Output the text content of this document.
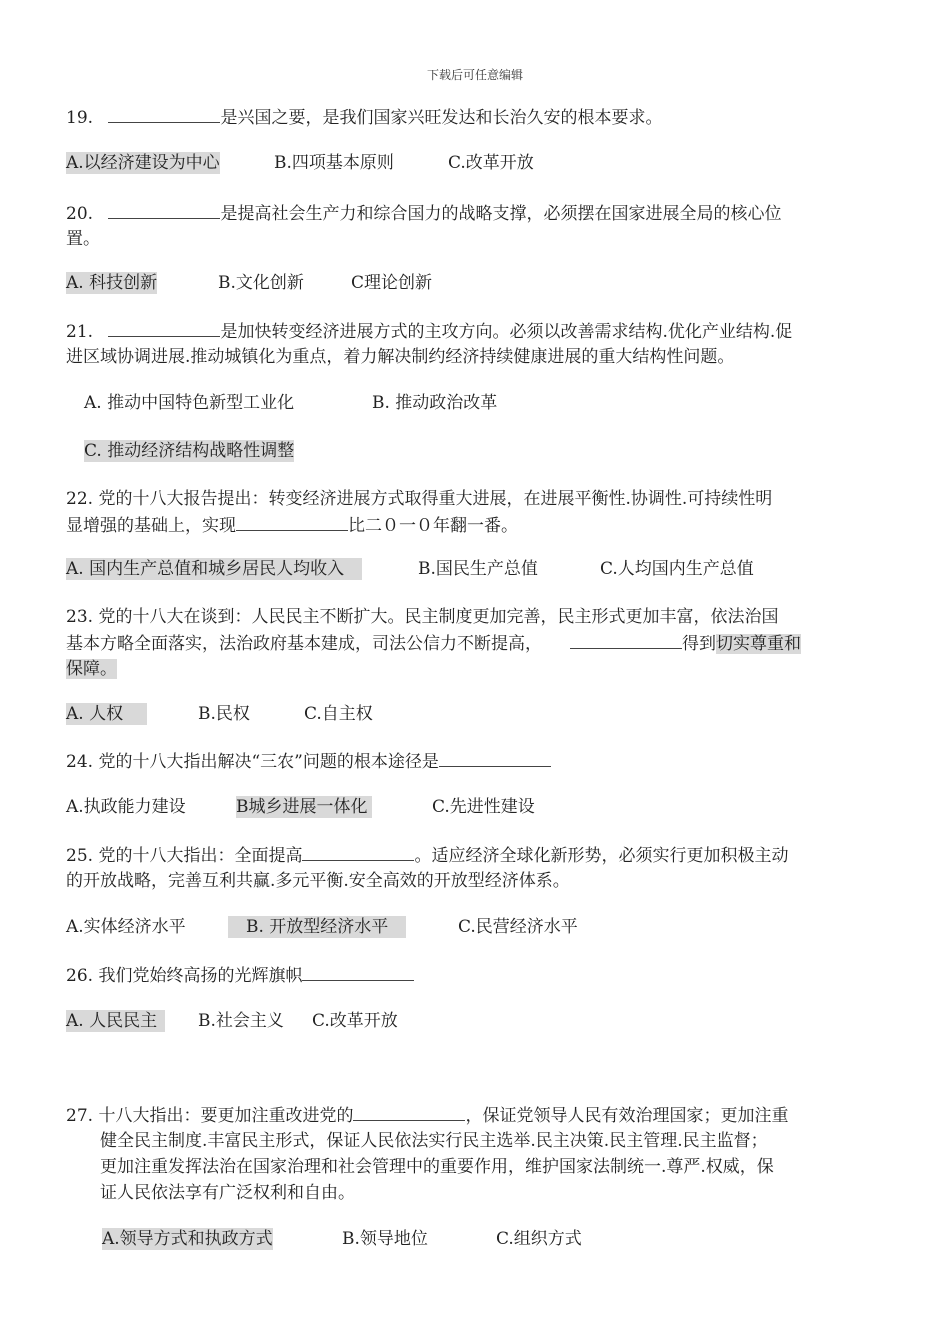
下载后可任意编辑
19.	是兴国之要，是我们国家兴旺发达和长治久安的根本要求。
A.以经济建设为中心	B.四项基本原则	C.改革开放
20.	是提高社会生产力和综合国力的战略支撑，必须摆在国家进展全局的核心位
置。
A. 科技创新	B.文化创新	C理论创新
21.	是加快转变经济进展方式的主攻方向。必须以改善需求结构.优化产业结构.促
进区域协调进展.推动城镇化为重点，着力解决制约经济持续健康进展的重大结构性问题。
A. 推动中国特色新型工业化	B. 推动政治改革
C. 推动经济结构战略性调整
22. 党的十八大报告提出：转变经济进展方式取得重大进展，在进展平衡性.协调性.可持续性明
显增强的基础上，实现	比二０一０年翻一番。
A. 国内生产总值和城乡居民人均收入	B.国民生产总值	C.人均国内生产总值
23. 党的十八大在谈到：人民民主不断扩大。民主制度更加完善，民主形式更加丰富，依法治国
基本方略全面落实，法治政府基本建成，司法公信力不断提高，	得到切实尊重和
保障。
A. 人权	B.民权	C.自主权
24. 党的十八大指出解决“三农”问题的根本途径是
A.执政能力建设	B城乡进展一体化	C.先进性建设
25. 党的十八大指出：全面提高	。适应经济全球化新形势，必须实行更加积极主动
的开放战略，完善互利共赢.多元平衡.安全高效的开放型经济体系。
A.实体经济水平	B. 开放型经济水平	C.民营经济水平
26. 我们党始终高扬的光辉旗帜
A. 人民民主	B.社会主义 C.改革开放
27. 十八大指出：要更加注重改进党的	，保证党领导人民有效治理国家；更加注重
健全民主制度.丰富民主形式，保证人民依法实行民主选举.民主决策.民主管理.民主监督；
更加注重发挥法治在国家治理和社会管理中的重要作用，维护国家法制统一.尊严.权威，保
证人民依法享有广泛权利和自由。
A.领导方式和执政方式	B.领导地位	C.组织方式
